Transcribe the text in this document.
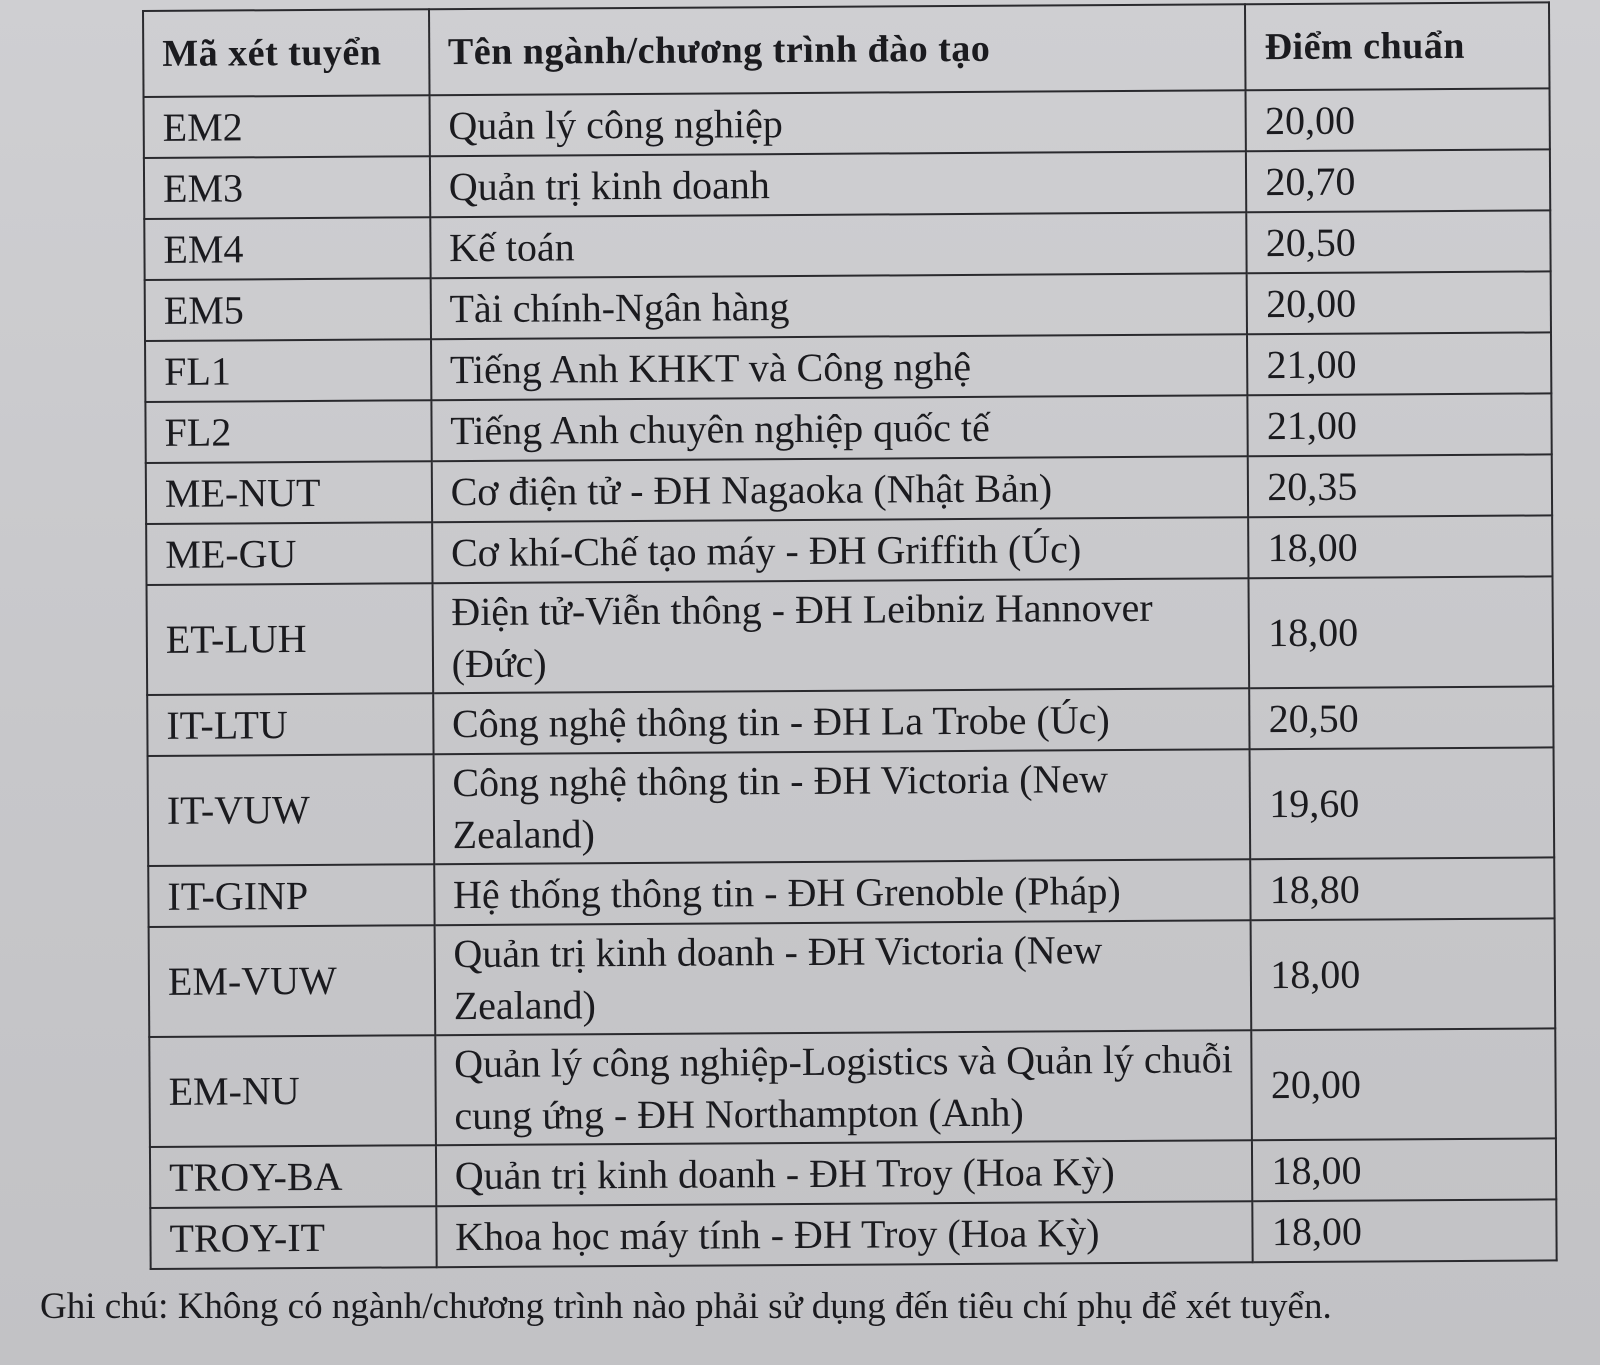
Mã xét tuyển	Tên ngành/chương trình đào tạo	Điểm chuẩn
EM2	Quản lý công nghiệp	20,00
EM3	Quản trị kinh doanh	20,70
EM4	Kế toán	20,50
EM5	Tài chính-Ngân hàng	20,00
FL1	Tiếng Anh KHKT và Công nghệ	21,00
FL2	Tiếng Anh chuyên nghiệp quốc tế	21,00
ME-NUT	Cơ điện tử - ĐH Nagaoka (Nhật Bản)	20,35
ME-GU	Cơ khí-Chế tạo máy - ĐH Griffith (Úc)	18,00
ET-LUH	Điện tử-Viễn thông - ĐH Leibniz Hannover (Đức)	18,00
IT-LTU	Công nghệ thông tin - ĐH La Trobe (Úc)	20,50
IT-VUW	Công nghệ thông tin - ĐH Victoria (New Zealand)	19,60
IT-GINP	Hệ thống thông tin - ĐH Grenoble (Pháp)	18,80
EM-VUW	Quản trị kinh doanh - ĐH Victoria (New Zealand)	18,00
EM-NU	Quản lý công nghiệp-Logistics và Quản lý chuỗi cung ứng - ĐH Northampton (Anh)	20,00
TROY-BA	Quản trị kinh doanh - ĐH Troy (Hoa Kỳ)	18,00
TROY-IT	Khoa học máy tính - ĐH Troy (Hoa Kỳ)	18,00
Ghi chú: Không có ngành/chương trình nào phải sử dụng đến tiêu chí phụ để xét tuyển.
